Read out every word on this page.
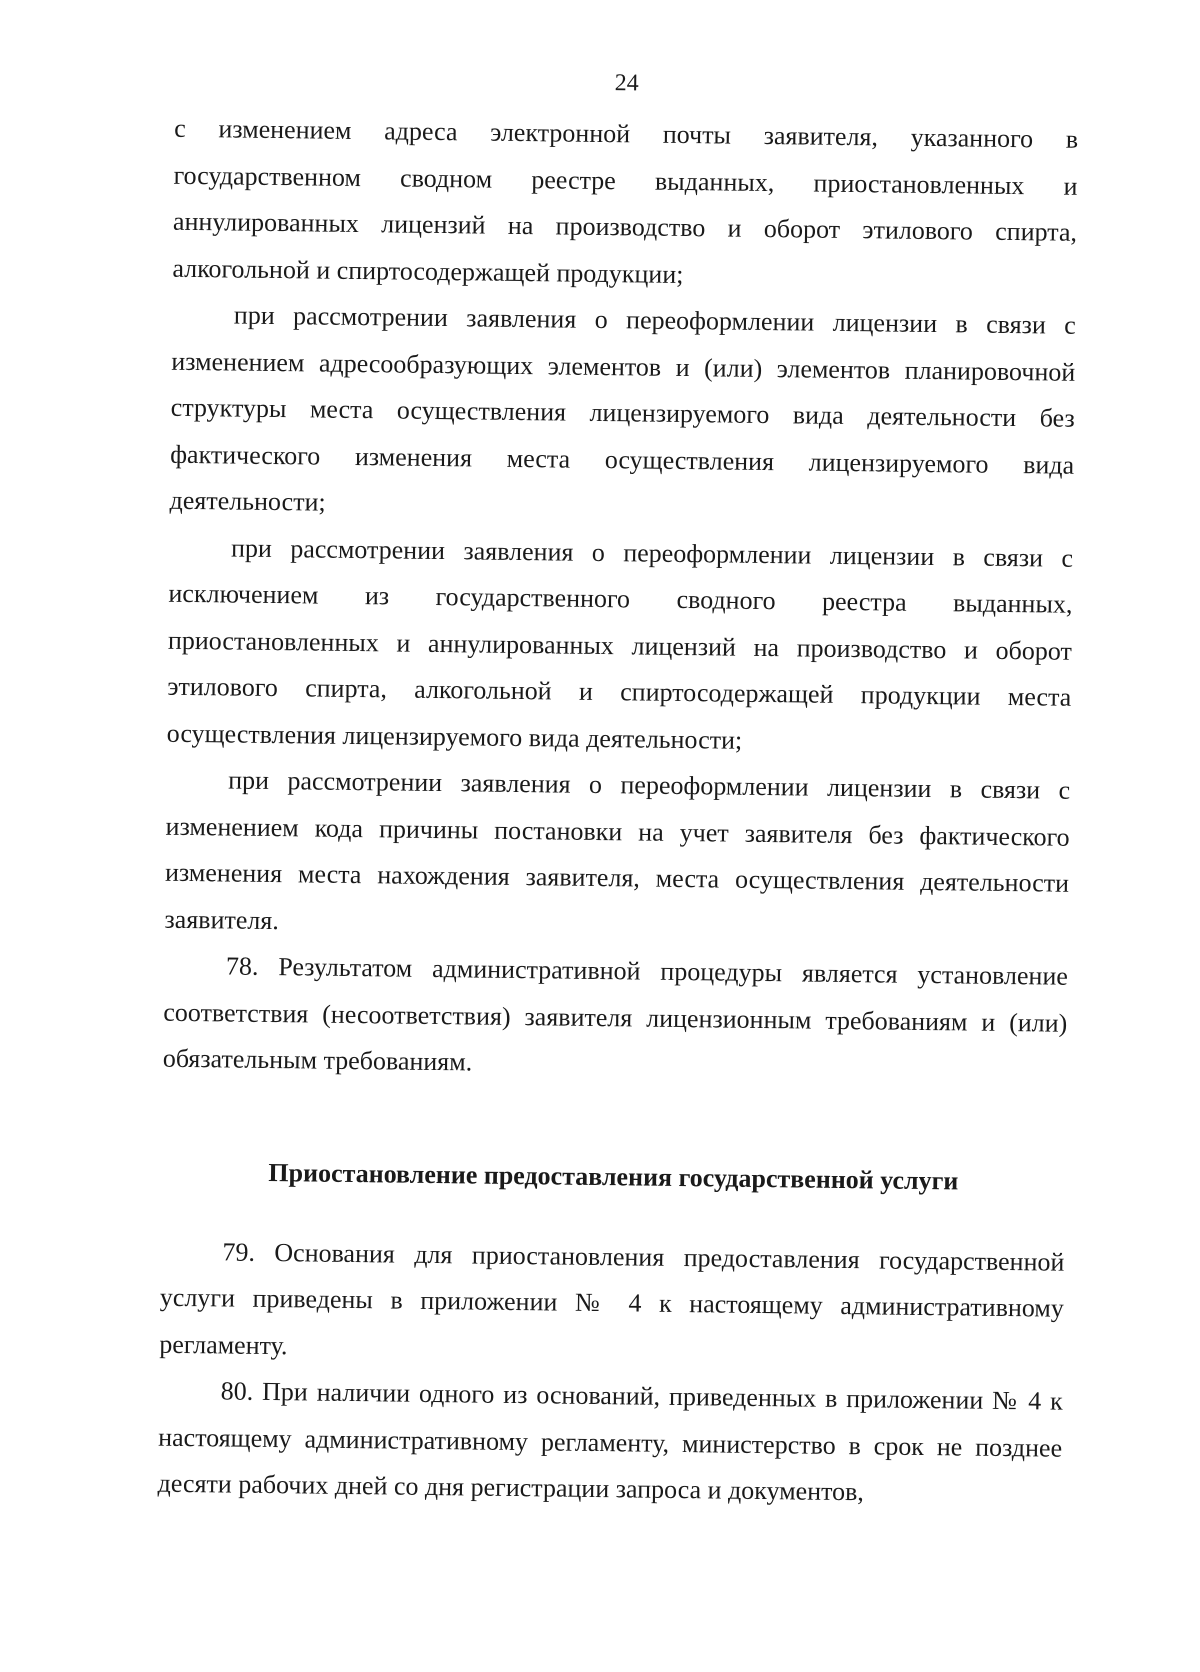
24

с изменением адреса электронной почты заявителя, указанного в государственном сводном реестре выданных, приостановленных и аннулированных лицензий на производство и оборот этилового спирта, алкогольной и спиртосодержащей продукции;

при рассмотрении заявления о переоформлении лицензии в связи с изменением адресообразующих элементов и (или) элементов планировочной структуры места осуществления лицензируемого вида деятельности без фактического изменения места осуществления лицензируемого вида деятельности;

при рассмотрении заявления о переоформлении лицензии в связи с исключением из государственного сводного реестра выданных, приостановленных и аннулированных лицензий на производство и оборот этилового спирта, алкогольной и спиртосодержащей продукции места осуществления лицензируемого вида деятельности;

при рассмотрении заявления о переоформлении лицензии в связи с изменением кода причины постановки на учет заявителя без фактического изменения места нахождения заявителя, места осуществления деятельности заявителя.

78. Результатом административной процедуры является установление соответствия (несоответствия) заявителя лицензионным требованиям и (или) обязательным требованиям.

Приостановление предоставления государственной услуги

79. Основания для приостановления предоставления государственной услуги приведены в приложении № 4 к настоящему административному регламенту.

80. При наличии одного из оснований, приведенных в приложении № 4 к настоящему административному регламенту, министерство в срок не позднее десяти рабочих дней со дня регистрации запроса и документов,
